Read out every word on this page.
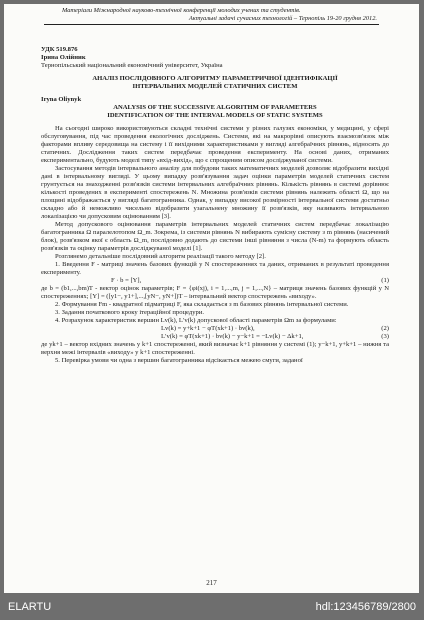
Матеріали Міжнародної науково-технічної конференції молодих учених та студентів.
Актуальні задачі сучасних технологій – Тернопіль 19-20 грудня 2012.
УДК 519.876
Ірина Олійник
Тернопільський національний економічний університет, Україна
АНАЛІЗ ПОСЛІДОВНОГО АЛГОРИТМУ ПАРАМЕТРИЧНОЇ ІДЕНТИФІКАЦІЇ
ІНТЕРВАЛЬНИХ МОДЕЛЕЙ СТАТИЧНИХ СИСТЕМ
Iryna Oliynyk
ANALYSIS OF THE SUCCESSIVE ALGORITHM OF PARAMETERS
IDENTIFICATION OF THE INTERVAL MODELS OF STATIC SYSTEMS

На сьогодні широко використовуються складні технічні системи у різних галузях економіки, у медицині, у сфері обслуговування, під час проведення екологічних досліджень. Системи, які на макрорівні описують взаємозв'язок між факторами впливу середовища на систему і її вихідними характеристиками у вигляді алгебраїчних рівнянь, відносять до статичних. Дослідження таких систем передбачає проведення експерименту. На основі даних, отриманих експериментально, будують моделі типу «вхід-вихід», що є спрощеним описом досліджуваної системи.

Застосування методів інтервального аналізу для побудови таких математичних моделей дозволяє відобразити вихідні дані в інтервальному вигляді. У цьому випадку розв'язування задач оцінки параметрів моделей статичних систем грунтується на знаходженні розв'язків системи інтервальних алгебраїчних рівнянь. Кількість рівнянь в системі дорівнює кількості проведених в експерименті спостережень N. Множина розв'язків системи рівнянь належить області Ω, що на площині відображається у вигляді багатогранника. Однак, у випадку високої розмірності інтервальної системи достатньо складно або й неможливо чисельно відобразити узагальнену множину її розв'язків, яку називають інтервальною локалізацією чи допусковим оцінюванням [3].

Метод допускового оцінювання параметрів інтервальних моделей статичних систем передбачає локалізацію багатогранника Ω паралелотопом Ω_m. Зокрема, із системи рівнянь N вибирають сумісну систему з m рівнянь (насичений блок), розв'язком якої є область Ω_m, послідовно додають до системи інші рівняння з числа (N-m) та формують область розв'язків та оцінку параметрів досліджуваної моделі [1].

Розглянемо детальніше послідовний алгоритм реалізації такого методу [2].

1. Введення F - матриці значень базових функцій у N спостереженнях та даних, отриманих в результаті проведення експерименту.

F · b = [Y],	(1)

де b = (b1,...,bm)T - вектор оцінок параметрів; F = {φi(xj), i = 1,...,m, j = 1,...,N} – матриця значень базових функцій у N спостереженнях; [Y] = ([y1−, y1+],...,[yN−, yN+])T – інтервальний вектор спостережень «виходу».

2. Формування Fm - квадратної підматриці F, яка складається з m базових рівнянь інтервальної системи.

3. Задання початкового кроку ітераційної процедури.

4. Розрахунок характеристик вершин Lv(k), L′v(k) допускової області параметрів Ωm за формулами:

Lv(k) = y+k+1 − φT(xk+1) · bv(k),	(2)
L′v(k) = φT(xk+1) · bv(k) − y−k+1 = −Lv(k) − Δk+1,	(3)

де yk+1 – вектор вхідних значень у k+1 спостереженні, який визначає k+1 рівняння у системі (1); y−k+1, y+k+1 – нижня та верхня межі інтервалів «виходу» у k+1 спостереженні.

5. Перевірка умови чи одна з вершин багатогранника відсікається межею смуги, заданої

217
ELARTU	hdl:123456789/2800
